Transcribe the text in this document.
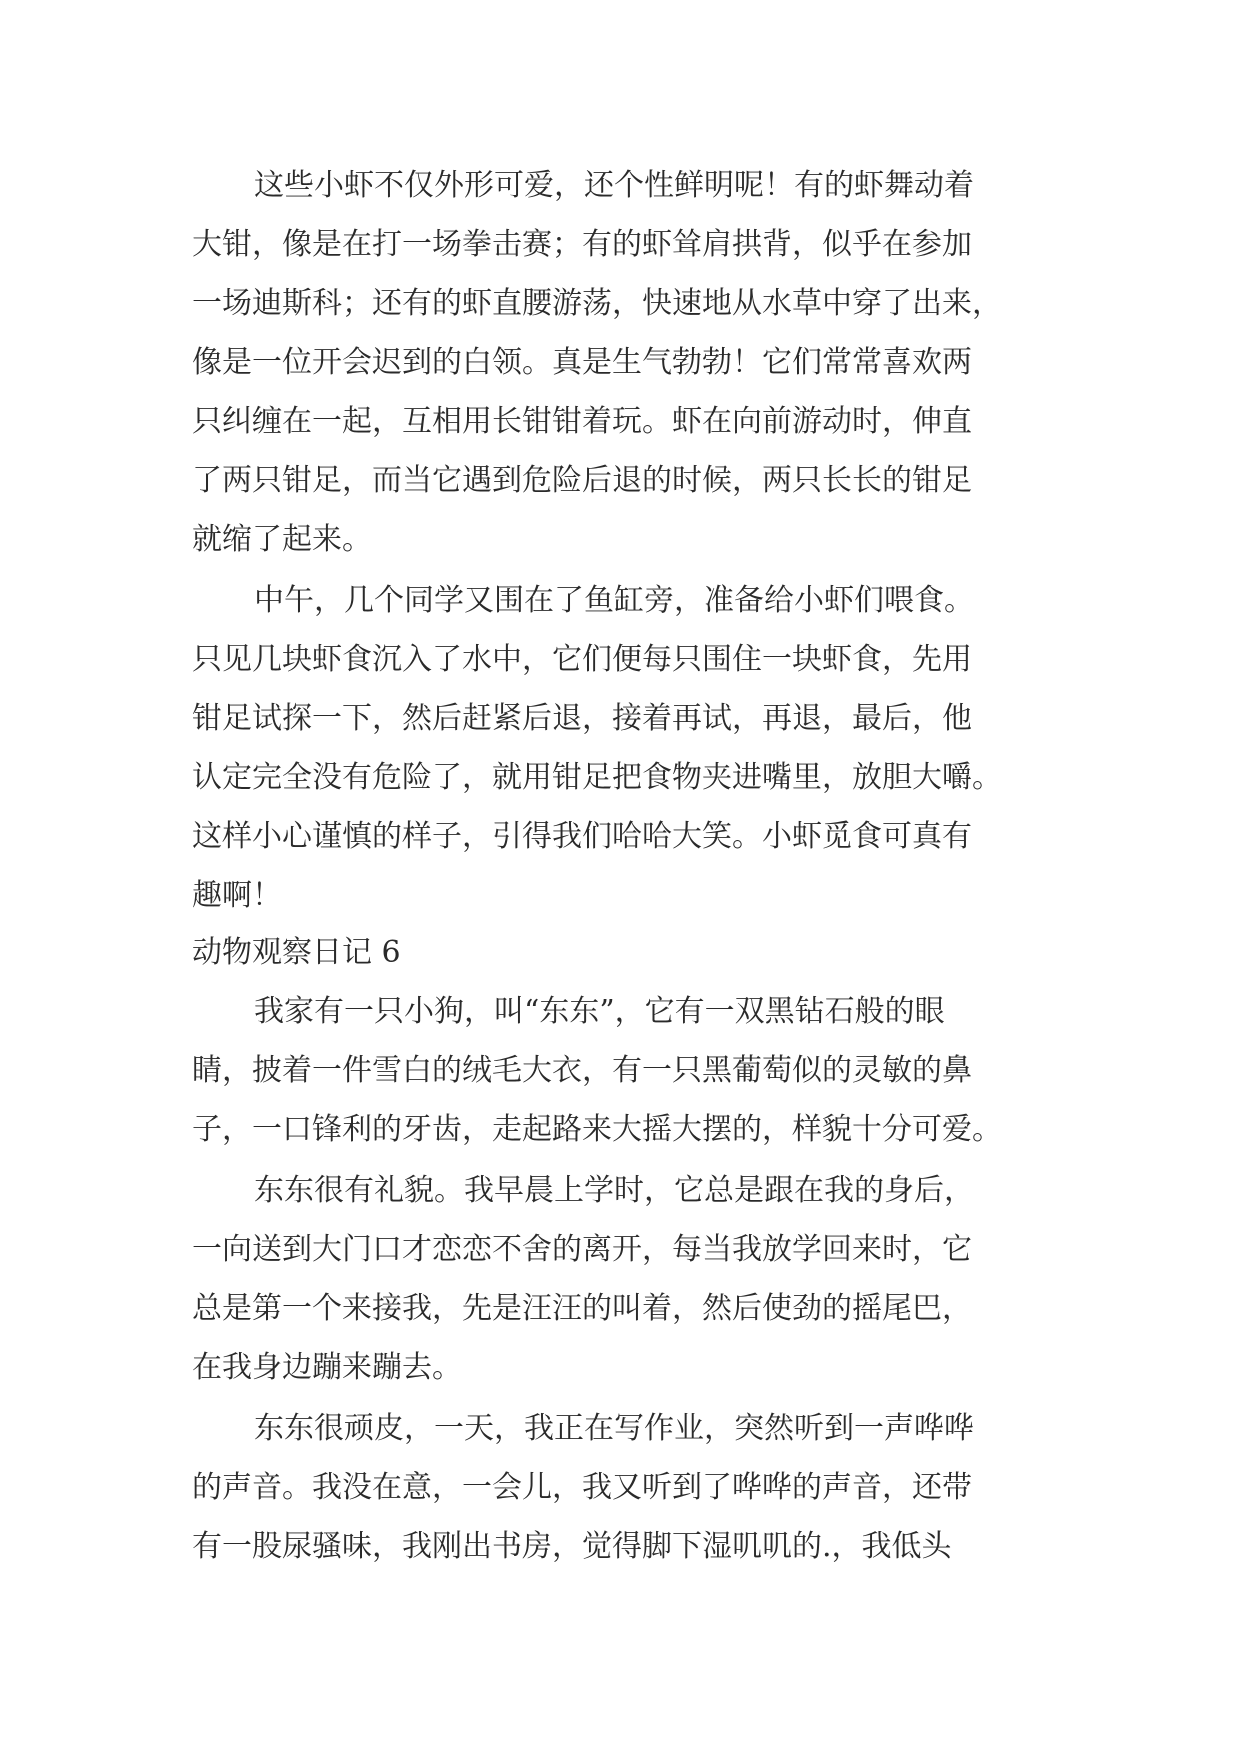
这些小虾不仅外形可爱，还个性鲜明呢！有的虾舞动着

大钳，像是在打一场拳击赛；有的虾耸肩拱背，似乎在参加

一场迪斯科；还有的虾直腰游荡，快速地从水草中穿了出来，

像是一位开会迟到的白领。真是生气勃勃！它们常常喜欢两

只纠缠在一起，互相用长钳钳着玩。虾在向前游动时，伸直

了两只钳足，而当它遇到危险后退的时候，两只长长的钳足

就缩了起来。

中午，几个同学又围在了鱼缸旁，准备给小虾们喂食。

只见几块虾食沉入了水中，它们便每只围住一块虾食，先用

钳足试探一下，然后赶紧后退，接着再试，再退，最后，他

认定完全没有危险了，就用钳足把食物夹进嘴里，放胆大嚼。

这样小心谨慎的样子，引得我们哈哈大笑。小虾觅食可真有

趣啊！

动物观察日记 6

我家有一只小狗，叫“东东”，它有一双黑钻石般的眼

睛，披着一件雪白的绒毛大衣，有一只黑葡萄似的灵敏的鼻

子，一口锋利的牙齿，走起路来大摇大摆的，样貌十分可爱。

东东很有礼貌。我早晨上学时，它总是跟在我的身后，

一向送到大门口才恋恋不舍的离开，每当我放学回来时，它

总是第一个来接我，先是汪汪的叫着，然后使劲的摇尾巴，

在我身边蹦来蹦去。

东东很顽皮，一天，我正在写作业，突然听到一声哗哗

的声音。我没在意，一会儿，我又听到了哗哗的声音，还带

有一股尿骚味，我刚出书房，觉得脚下湿叽叽的.，我低头
